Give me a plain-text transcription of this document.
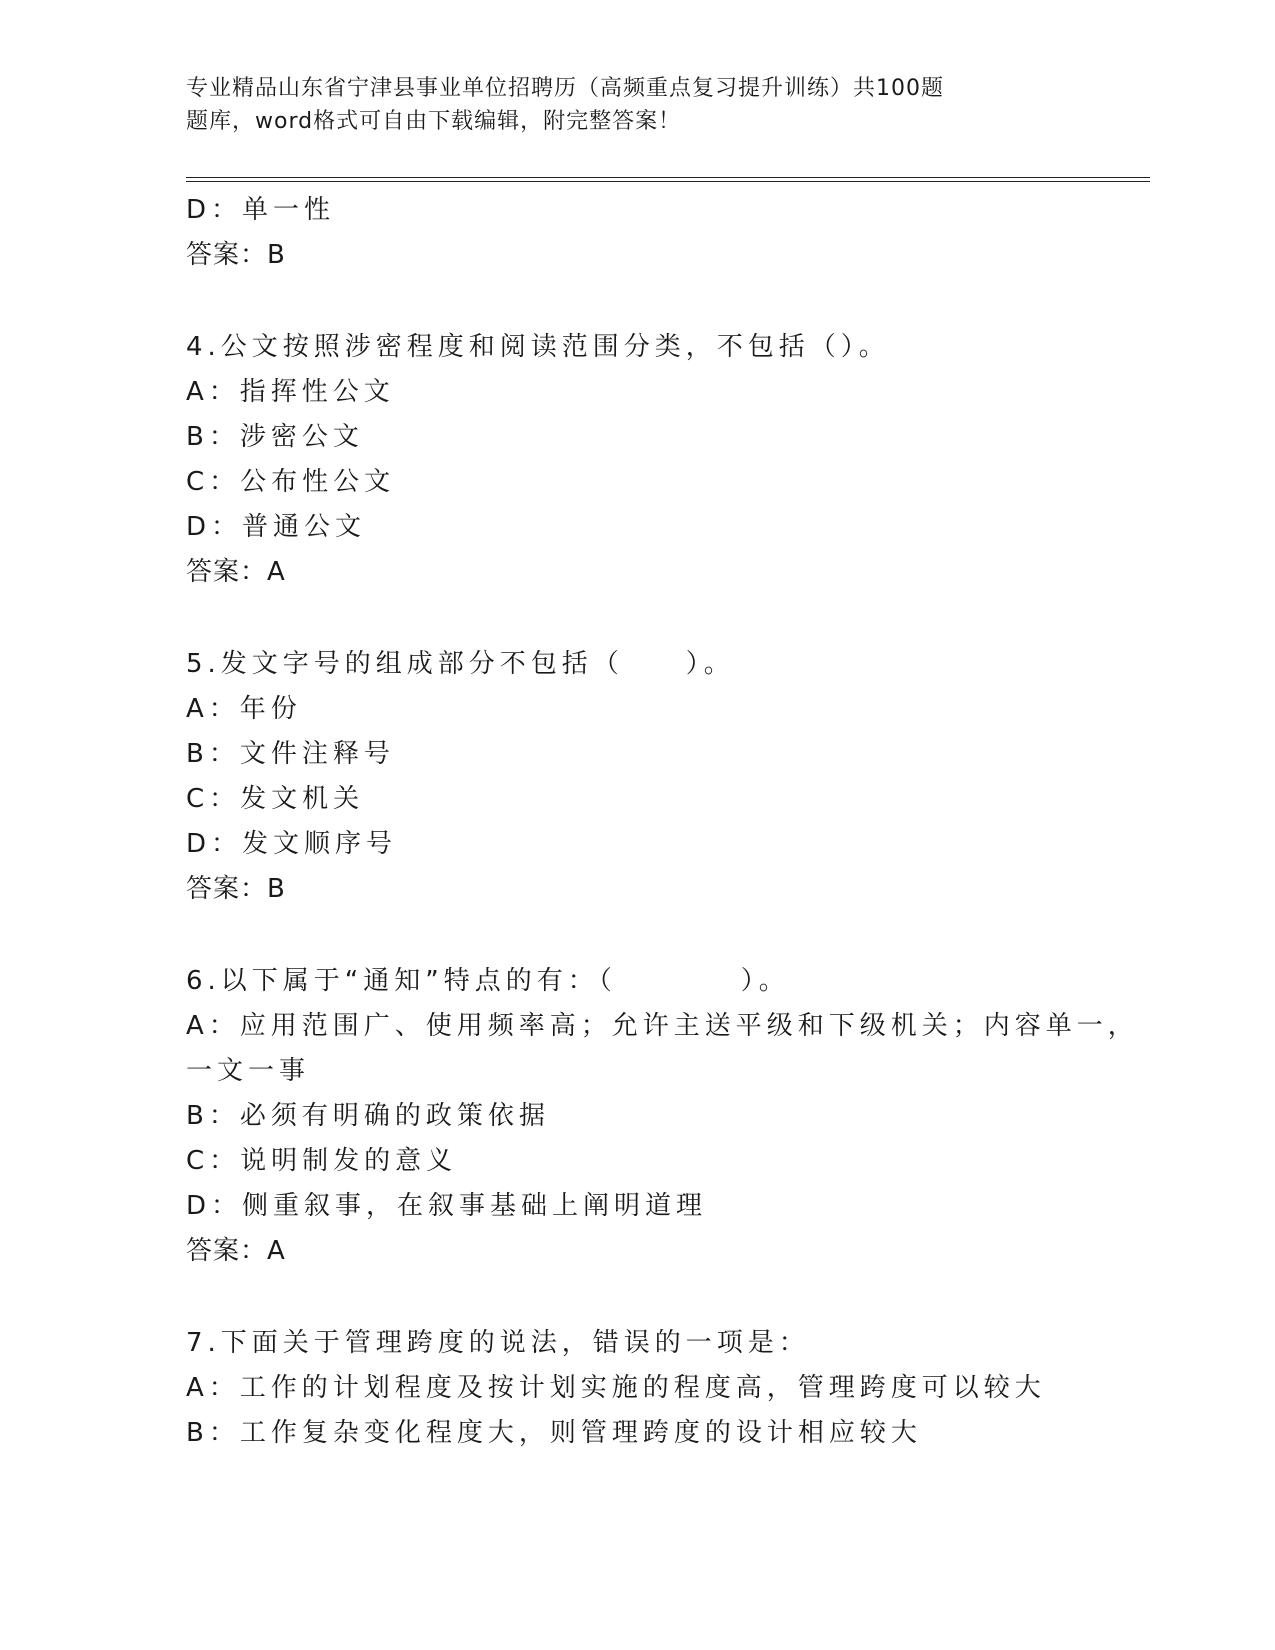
专业精品山东省宁津县事业单位招聘历（高频重点复习提升训练）共100题
题库，word格式可自由下载编辑，附完整答案！
D：单一性
答案：B
4.公文按照涉密程度和阅读范围分类，不包括（）。
A：指挥性公文
B：涉密公文
C：公布性公文
D：普通公文
答案：A
5.发文字号的组成部分不包括（　　）。
A：年份
B：文件注释号
C：发文机关
D：发文顺序号
答案：B
6.以下属于“通知”特点的有：（　　　　）。
A：应用范围广、使用频率高；允许主送平级和下级机关；内容单一，
一文一事
B：必须有明确的政策依据
C：说明制发的意义
D：侧重叙事，在叙事基础上阐明道理
答案：A
7.下面关于管理跨度的说法，错误的一项是：
A：工作的计划程度及按计划实施的程度高，管理跨度可以较大
B：工作复杂变化程度大，则管理跨度的设计相应较大
